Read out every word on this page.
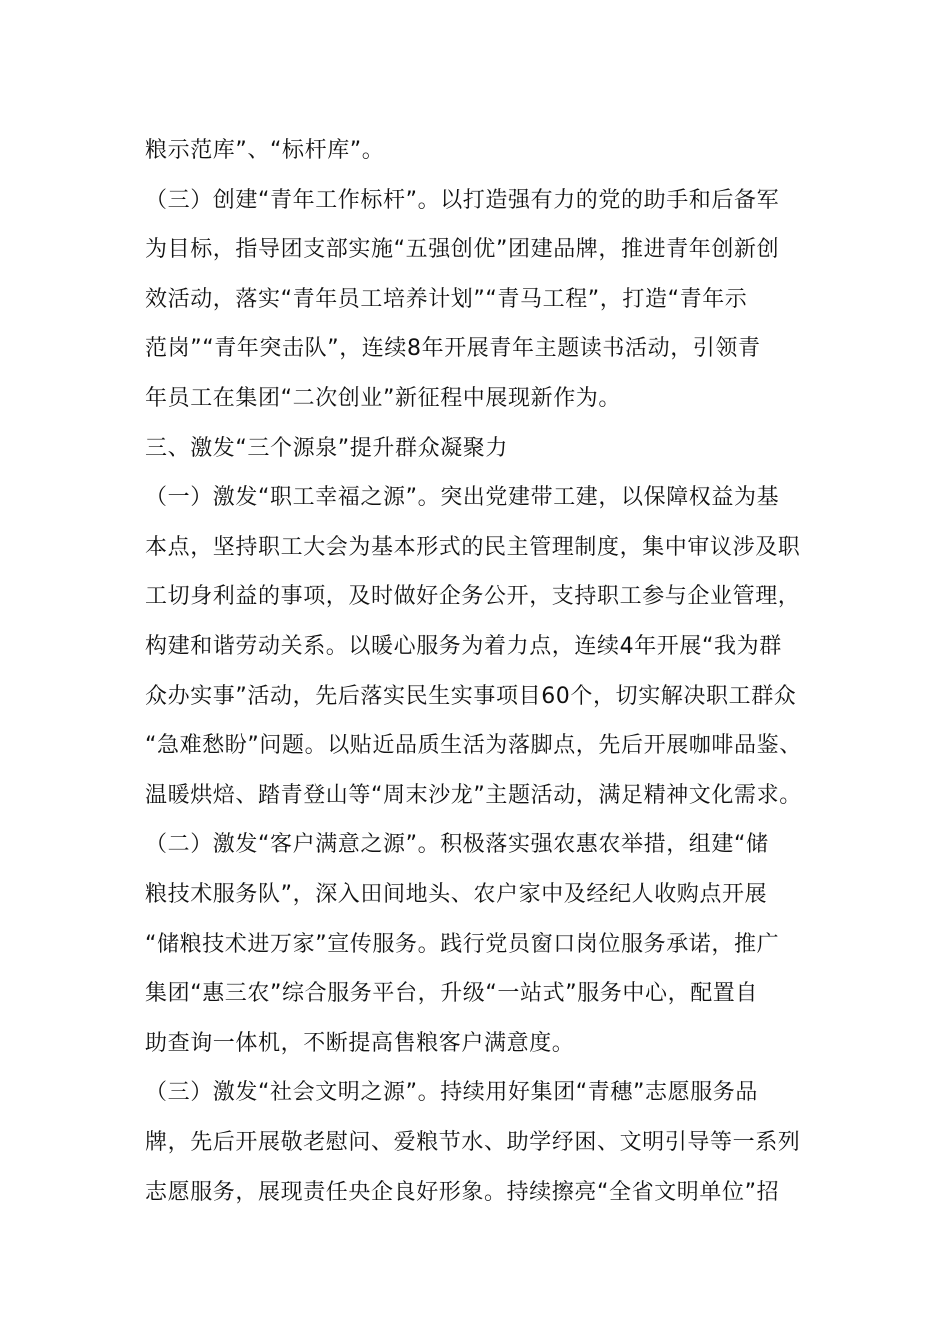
粮示范库”、“标杆库”。

（三）创建“青年工作标杆”。以打造强有力的党的助手和后备军

为目标，指导团支部实施“五强创优”团建品牌，推进青年创新创

效活动，落实“青年员工培养计划”“青马工程”，打造“青年示

范岗”“青年突击队”，连续8年开展青年主题读书活动，引领青

年员工在集团“二次创业”新征程中展现新作为。

三、激发“三个源泉”提升群众凝聚力

（一）激发“职工幸福之源”。突出党建带工建，以保障权益为基

本点，坚持职工大会为基本形式的民主管理制度，集中审议涉及职

工切身利益的事项，及时做好企务公开，支持职工参与企业管理，

构建和谐劳动关系。以暖心服务为着力点，连续4年开展“我为群

众办实事”活动，先后落实民生实事项目60个，切实解决职工群众

“急难愁盼”问题。以贴近品质生活为落脚点，先后开展咖啡品鉴、

温暖烘焙、踏青登山等“周末沙龙”主题活动，满足精神文化需求。

（二）激发“客户满意之源”。积极落实强农惠农举措，组建“储

粮技术服务队”，深入田间地头、农户家中及经纪人收购点开展

“储粮技术进万家”宣传服务。践行党员窗口岗位服务承诺，推广

集团“惠三农”综合服务平台，升级“一站式”服务中心，配置自

助查询一体机，不断提高售粮客户满意度。

（三）激发“社会文明之源”。持续用好集团“青穗”志愿服务品

牌，先后开展敬老慰问、爱粮节水、助学纾困、文明引导等一系列

志愿服务，展现责任央企良好形象。持续擦亮“全省文明单位”招
